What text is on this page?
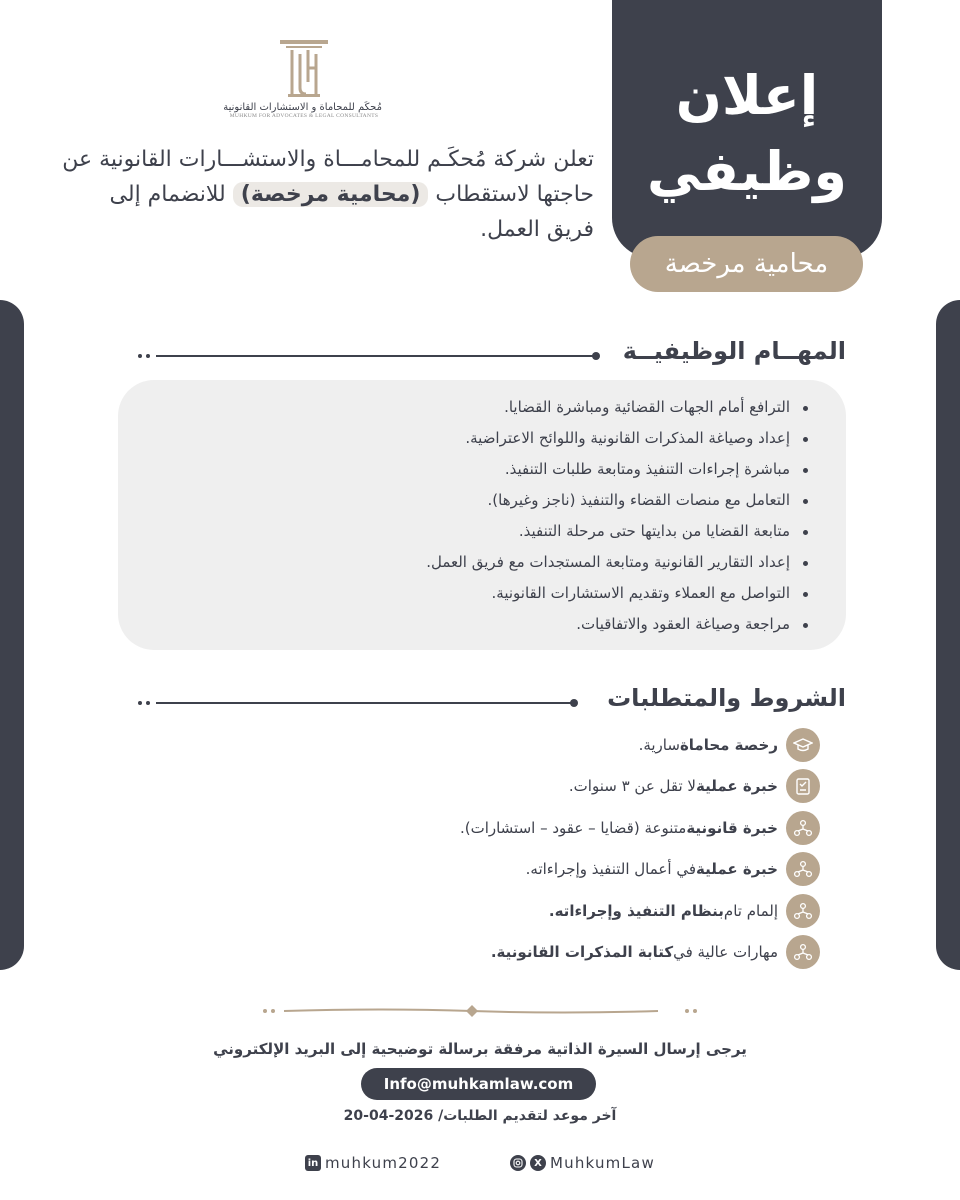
إعلان
وظيفي
محامية مرخصة
مُحكَم للمحاماة و الاستشارات القانونية
MUHKUM FOR ADVOCATES & LEGAL CONSULTANTS
تعلن شركة مُحكَـم للمحامـــاة والاستشـــارات القانونية عن حاجتها لاستقطاب (محامية مرخصة) للانضمام إلى فريق العمل.
المهــام الوظيفيــة
الترافع أمام الجهات القضائية ومباشرة القضايا.
إعداد وصياغة المذكرات القانونية واللوائح الاعتراضية.
مباشرة إجراءات التنفيذ ومتابعة طلبات التنفيذ.
التعامل مع منصات القضاء والتنفيذ (ناجز وغيرها).
متابعة القضايا من بدايتها حتى مرحلة التنفيذ.
إعداد التقارير القانونية ومتابعة المستجدات مع فريق العمل.
التواصل مع العملاء وتقديم الاستشارات القانونية.
مراجعة وصياغة العقود والاتفاقيات.
الشروط والمتطلبات
رخصة محاماة
سارية.
خبرة عملية
لا تقل عن ٣ سنوات.
خبرة قانونية
متنوعة (قضايا – عقود – استشارات).
خبرة عملية
في أعمال التنفيذ وإجراءاته.
إلمام تام
بنظام التنفيذ وإجراءاته.
مهارات عالية في
كتابة المذكرات القانونية.
يرجى إرسال السيرة الذاتية مرفقة برسالة توضيحية إلى البريد الإلكتروني
Info@muhkamlaw.com
آخر موعد لتقديم الطلبات/ 2026-04-20
in muhkum2022	X MuhkumLaw
